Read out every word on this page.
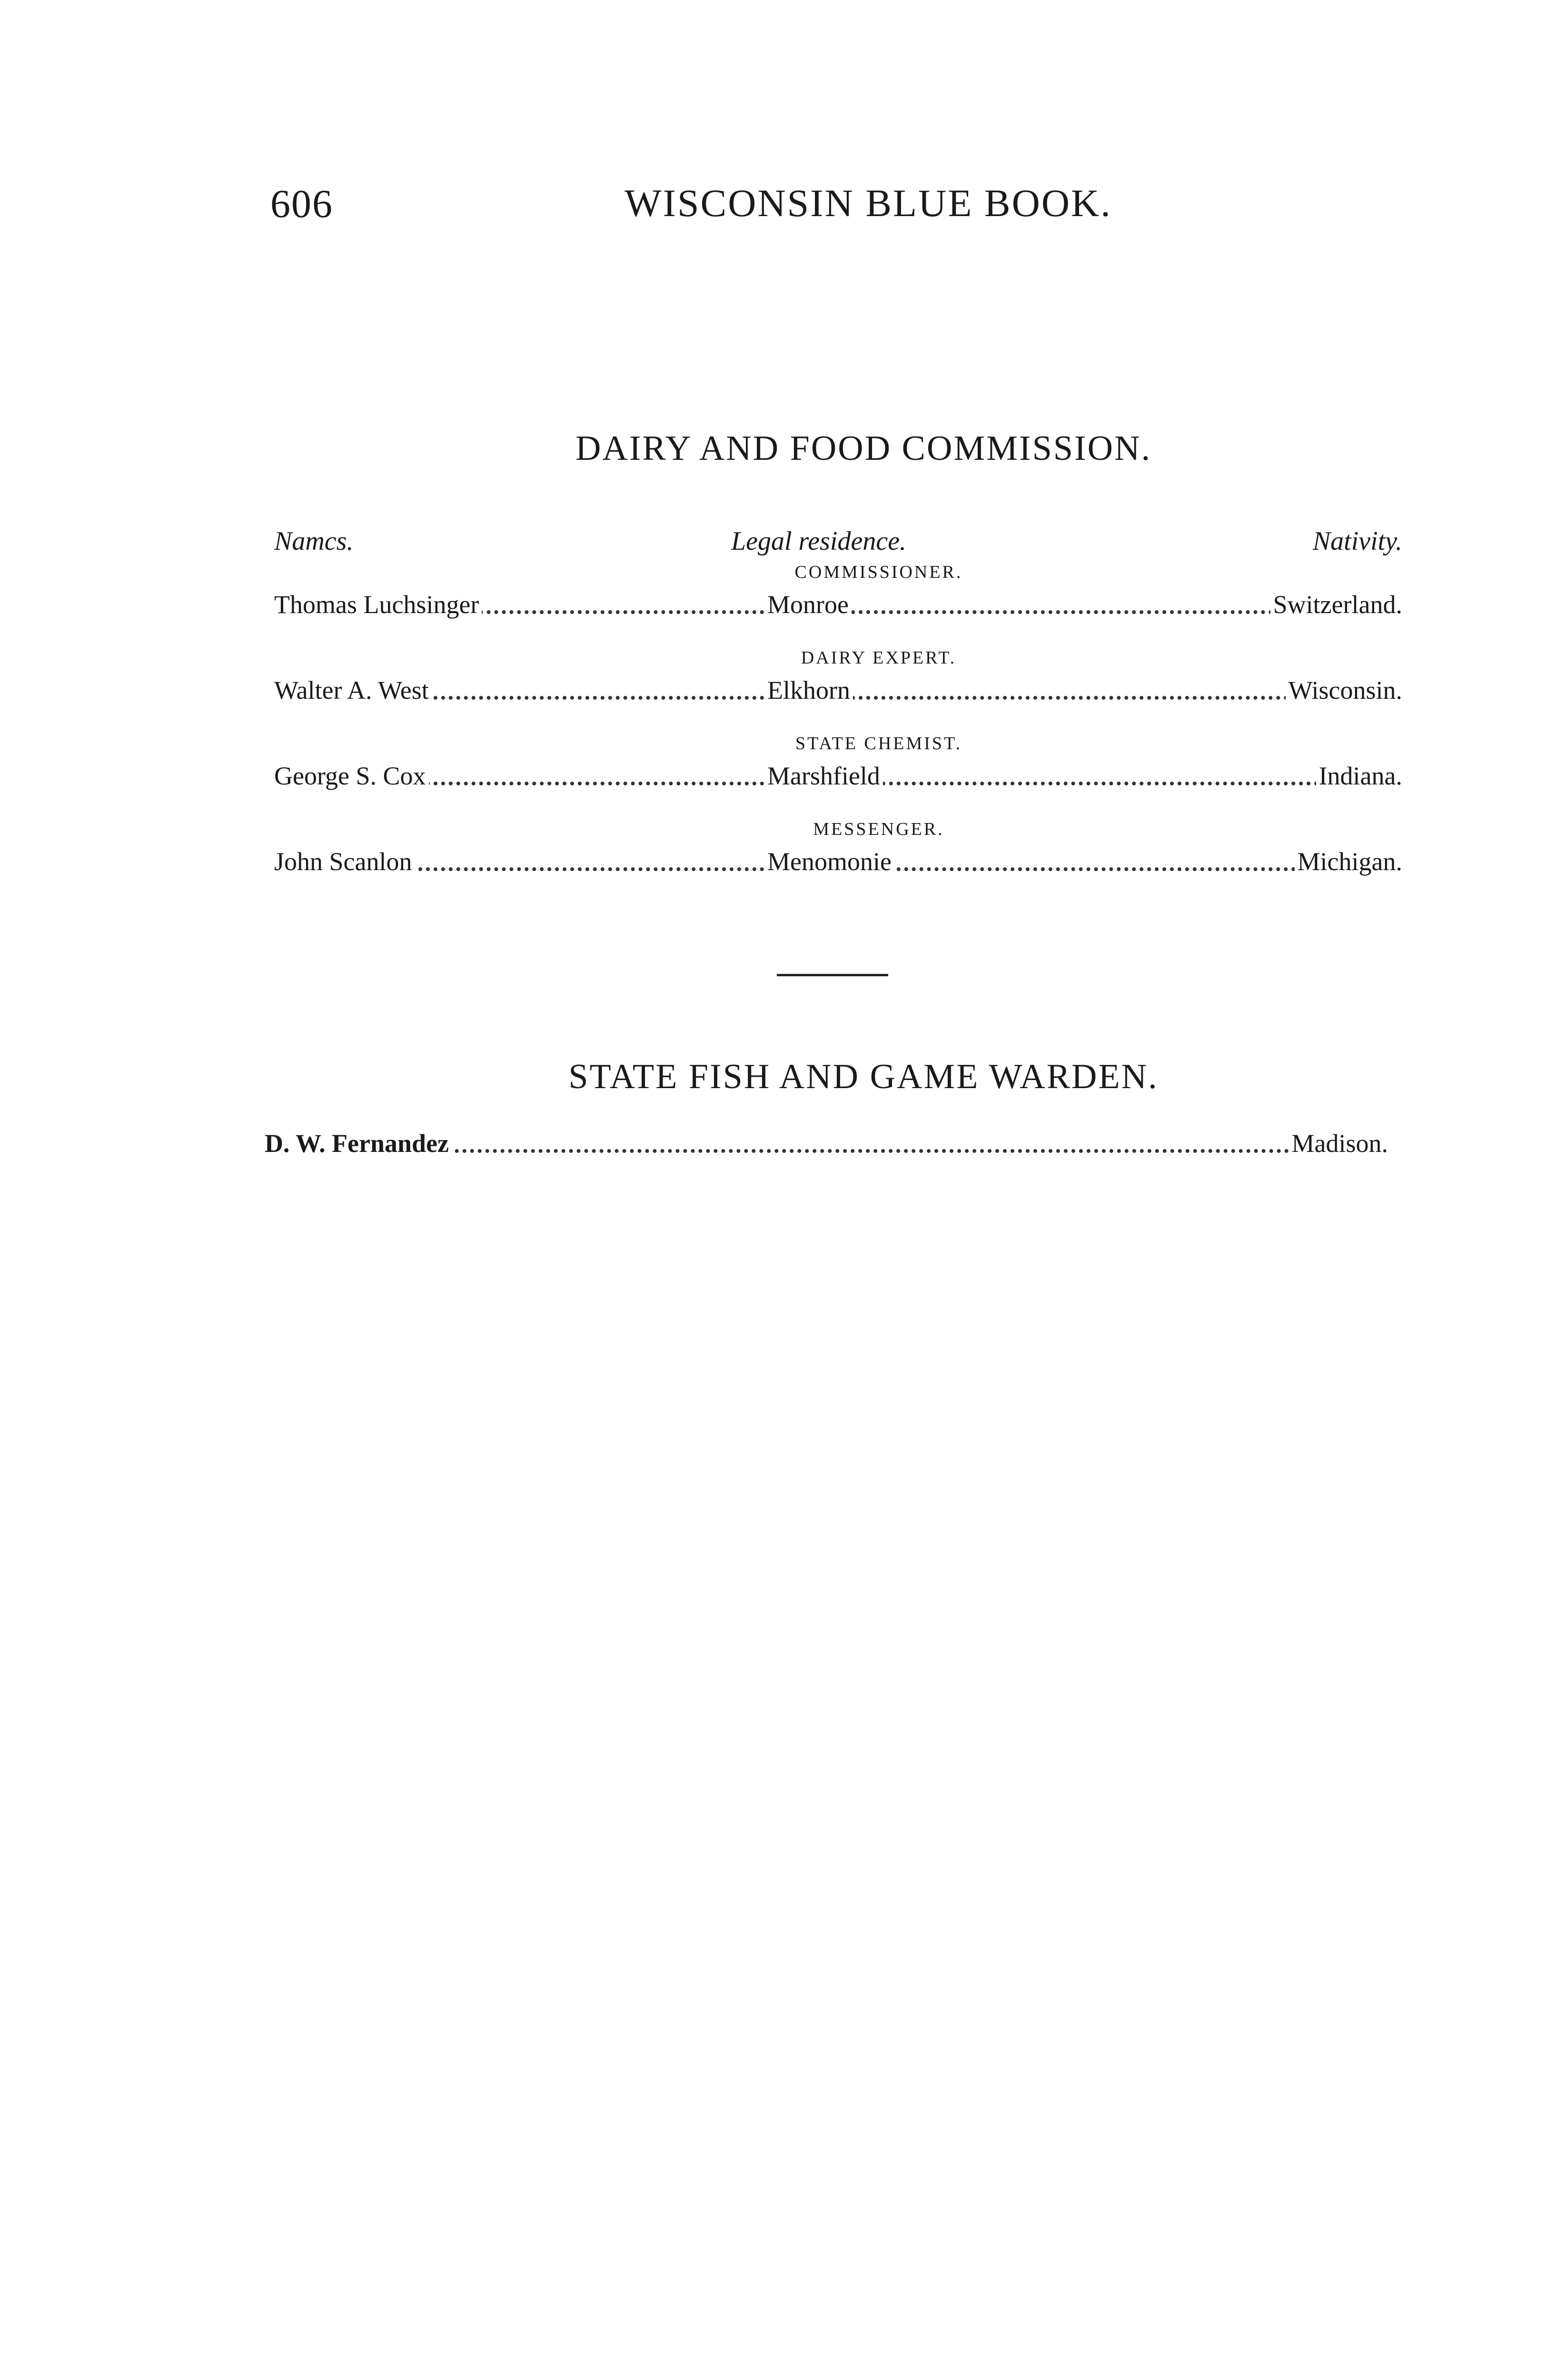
606	WISCONSIN BLUE BOOK.
DAIRY AND FOOD COMMISSION.
Namcs.	Legal residence.	Nativity.
COMMISSIONER.
Thomas Luchsinger	Monroe	Switzerland.
DAIRY EXPERT.
Walter A. West	Elkhorn	Wisconsin.
STATE CHEMIST.
George S. Cox	Marshfield	Indiana.
MESSENGER.
John Scanlon	Menomonie	Michigan.
STATE FISH AND GAME WARDEN.
D. W. Fernandez	Madison.
